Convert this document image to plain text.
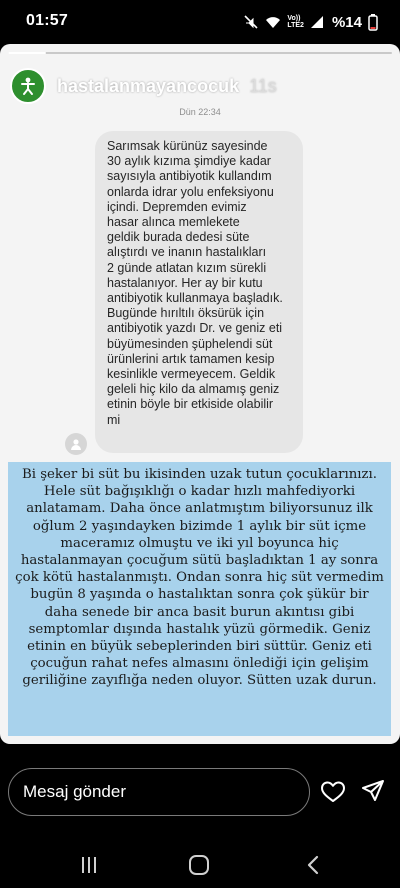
01:57	Vo))
LTE2 %14
hastalanmayancocuk 11s
Dün 22:34
Sarımsak kürünüz sayesinde
30 aylık kızıma şimdiye kadar
sayısıyla antibiyotik kullandım
onlarda idrar yolu enfeksiyonu
içindi. Depremden evimiz
hasar alınca memlekete
geldik burada dedesi süte
alıştırdı ve inanın hastalıkları
2 günde atlatan kızım sürekli
hastalanıyor. Her ay bir kutu
antibiyotik kullanmaya başladık.
Bugünde hırıltılı öksürük için
antibiyotik yazdı Dr. ve geniz eti
büyümesinden şüphelendi süt
ürünlerini artık tamamen kesip
kesinlikle vermeyecem. Geldik
geleli hiç kilo da almamış geniz
etinin böyle bir etkiside olabilir
mi
Bi şeker bi süt bu ikisinden uzak tutun çocuklarınızı. Hele süt bağışıklığı o kadar hızlı mahfediyorki anlatamam. Daha önce anlatmıştım biliyorsunuz ilk oğlum 2 yaşındayken bizimde 1 aylık bir süt içme maceramız olmuştu ve iki yıl boyunca hiç hastalanmayan çocuğum sütü başladıktan 1 ay sonra çok kötü hastalanmıştı. Ondan sonra hiç süt vermedim bugün 8 yaşında o hastalıktan sonra çok şükür bir daha senede bir anca basit burun akıntısı gibi semptomlar dışında hastalık yüzü görmedik. Geniz etinin en büyük sebeplerinden biri süttür. Geniz eti çocuğun rahat nefes almasını önlediği için gelişim geriliğine zayıflığa neden oluyor. Sütten uzak durun.
Mesaj gönder
